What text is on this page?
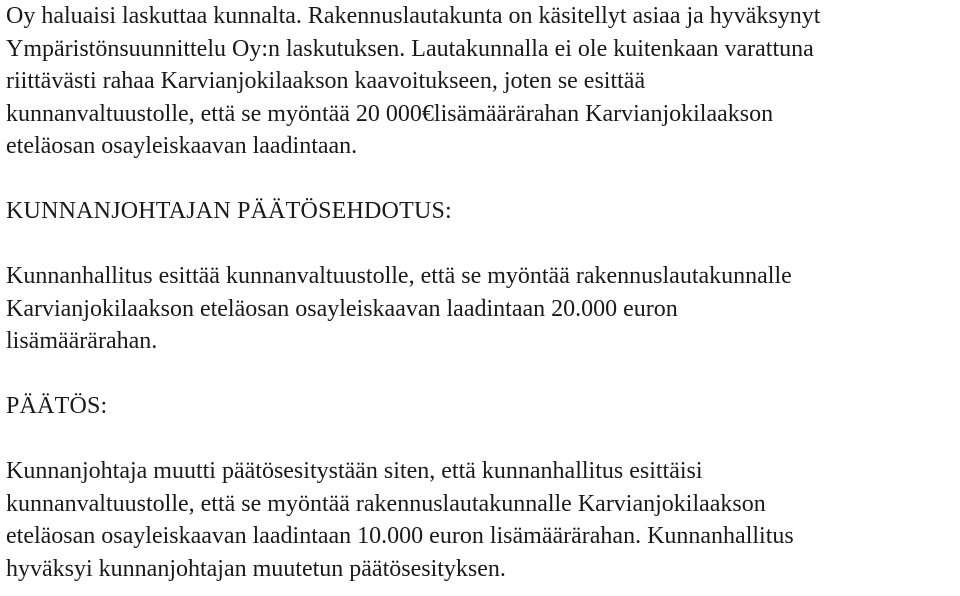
Oy haluaisi laskuttaa kunnalta. Rakennuslautakunta on käsitellyt asiaa ja hyväksynyt
Ympäristönsuunnittelu Oy:n laskutuksen. Lautakunnalla ei ole kuitenkaan varattuna
riittävästi rahaa Karvianjokilaakson kaavoitukseen, joten se esittää
kunnanvaltuustolle, että se myöntää 20 000€lisämäärärahan Karvianjokilaakson
eteläosan osayleiskaavan laadintaan.

KUNNANJOHTAJAN PÄÄTÖSEHDOTUS:

Kunnanhallitus esittää kunnanvaltuustolle, että se myöntää rakennuslautakunnalle
Karvianjokilaakson eteläosan osayleiskaavan laadintaan 20.000 euron
lisämäärärahan.

PÄÄTÖS:

Kunnanjohtaja muutti päätösesitystään siten, että kunnanhallitus esittäisi
kunnanvaltuustolle, että se myöntää rakennuslautakunnalle Karvianjokilaakson
eteläosan osayleiskaavan laadintaan 10.000 euron lisämäärärahan. Kunnanhallitus
hyväksyi kunnanjohtajan muutetun päätösesityksen.
